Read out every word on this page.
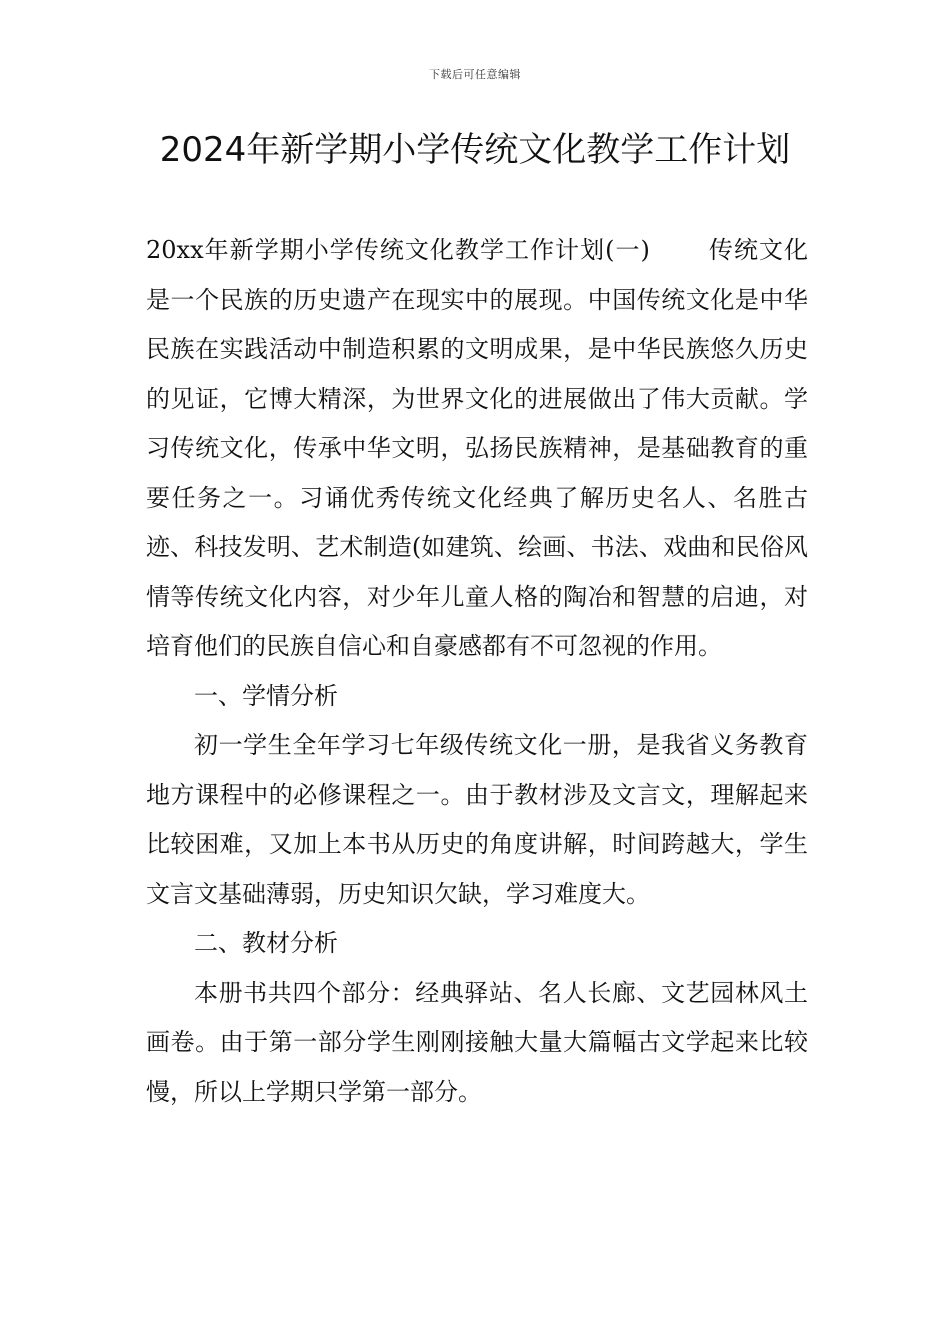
下载后可任意编辑
2024年新学期小学传统文化教学工作计划

20xx年新学期小学传统文化教学工作计划(一) 传统文化是一个民族的历史遗产在现实中的展现。中国传统文化是中华民族在实践活动中制造积累的文明成果，是中华民族悠久历史的见证，它博大精深，为世界文化的进展做出了伟大贡献。学习传统文化，传承中华文明，弘扬民族精神，是基础教育的重要任务之一。习诵优秀传统文化经典了解历史名人、名胜古迹、科技发明、艺术制造(如建筑、绘画、书法、戏曲和民俗风情等传统文化内容，对少年儿童人格的陶冶和智慧的启迪，对培育他们的民族自信心和自豪感都有不可忽视的作用。

一、学情分析

初一学生全年学习七年级传统文化一册，是我省义务教育地方课程中的必修课程之一。由于教材涉及文言文，理解起来比较困难，又加上本书从历史的角度讲解，时间跨越大，学生文言文基础薄弱，历史知识欠缺，学习难度大。

二、教材分析

本册书共四个部分：经典驿站、名人长廊、文艺园林风土画卷。由于第一部分学生刚刚接触大量大篇幅古文学起来比较慢，所以上学期只学第一部分。
